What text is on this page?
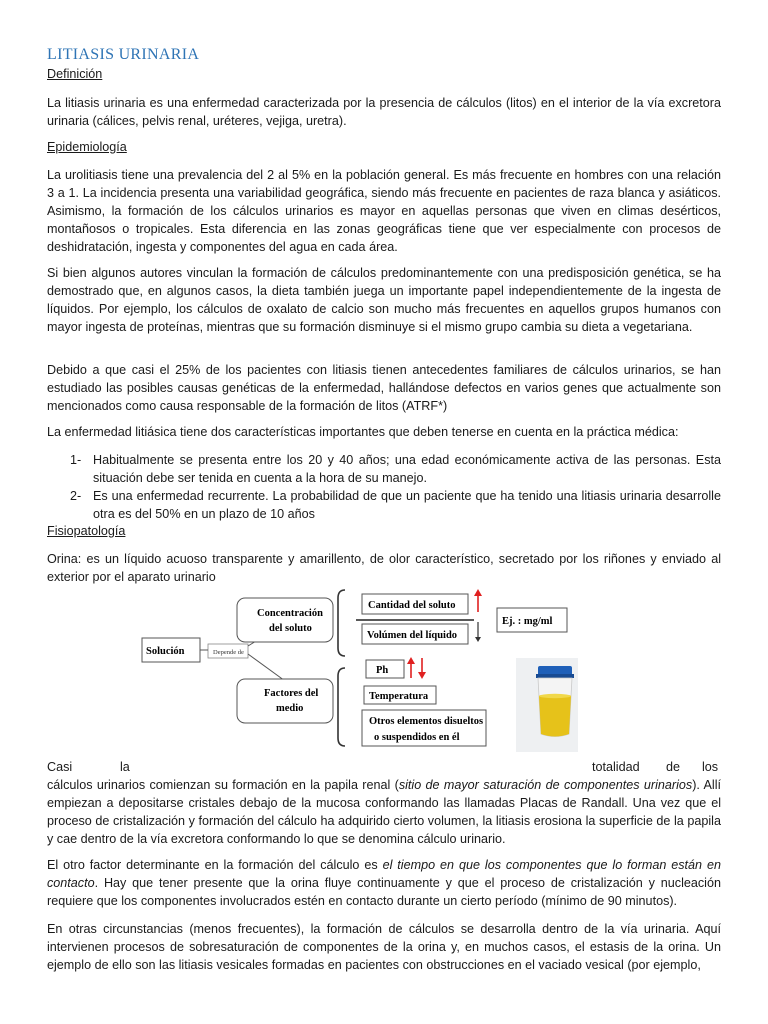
LITIASIS URINARIA
Definición
La litiasis urinaria es una enfermedad caracterizada por la presencia de cálculos (litos) en el interior de la vía excretora urinaria (cálices, pelvis renal, uréteres, vejiga, uretra).
Epidemiología
La urolitiasis tiene una prevalencia del 2 al 5% en la población general. Es más frecuente en hombres con una relación 3 a 1. La incidencia presenta una variabilidad geográfica, siendo más frecuente en pacientes de raza blanca y asiáticos. Asimismo, la formación de los cálculos urinarios es mayor en aquellas personas que viven en climas desérticos, montañosos o tropicales. Esta diferencia en las zonas geográficas tiene que ver especialmente con procesos de deshidratación, ingesta y componentes del agua en cada área.
Si bien algunos autores vinculan la formación de cálculos predominantemente con una predisposición genética, se ha demostrado que, en algunos casos, la dieta también juega un importante papel independientemente de la ingesta de líquidos. Por ejemplo, los cálculos de oxalato de calcio son mucho más frecuentes en aquellos grupos humanos con mayor ingesta de proteínas, mientras que su formación disminuye si el mismo grupo cambia su dieta a vegetariana.
Debido a que casi el 25% de los pacientes con litiasis tienen antecedentes familiares de cálculos urinarios, se han estudiado las posibles causas genéticas de la enfermedad, hallándose defectos en varios genes que actualmente son mencionados como causa responsable de la formación de litos (ATRF*)
La enfermedad litiásica tiene dos características importantes que deben tenerse en cuenta en la práctica médica:
1- Habitualmente se presenta entre los 20 y 40 años; una edad económicamente activa de las personas. Esta situación debe ser tenida en cuenta a la hora de su manejo.
2- Es una enfermedad recurrente. La probabilidad de que un paciente que ha tenido una litiasis urinaria desarrolle otra es del 50% en un plazo de 10 años
Fisiopatología
Orina: es un líquido acuoso transparente y amarillento, de olor característico, secretado por los riñones y enviado al exterior por el aparato urinario
Solución	Depende de
Concentración
del soluto
Factores del
medio
Cantidad del soluto
Volúmen del líquido
Ej. : mg/ml
Ph
Temperatura
Otros elementos disueltos
o suspendidos en él
Casi	la	totalidad de los
cálculos urinarios comienzan su formación en la papila renal (sitio de mayor saturación de componentes urinarios). Allí empiezan a depositarse cristales debajo de la mucosa conformando las llamadas Placas de Randall. Una vez que el proceso de cristalización y formación del cálculo ha adquirido cierto volumen, la litiasis erosiona la superficie de la papila y cae dentro de la vía excretora conformando lo que se denomina cálculo urinario.
El otro factor determinante en la formación del cálculo es el tiempo en que los componentes que lo forman están en contacto. Hay que tener presente que la orina fluye continuamente y que el proceso de cristalización y nucleación requiere que los componentes involucrados estén en contacto durante un cierto período (mínimo de 90 minutos).
En otras circunstancias (menos frecuentes), la formación de cálculos se desarrolla dentro de la vía urinaria. Aquí intervienen procesos de sobresaturación de componentes de la orina y, en muchos casos, el estasis de la orina. Un ejemplo de ello son las litiasis vesicales formadas en pacientes con obstrucciones en el vaciado vesical (por ejemplo,
